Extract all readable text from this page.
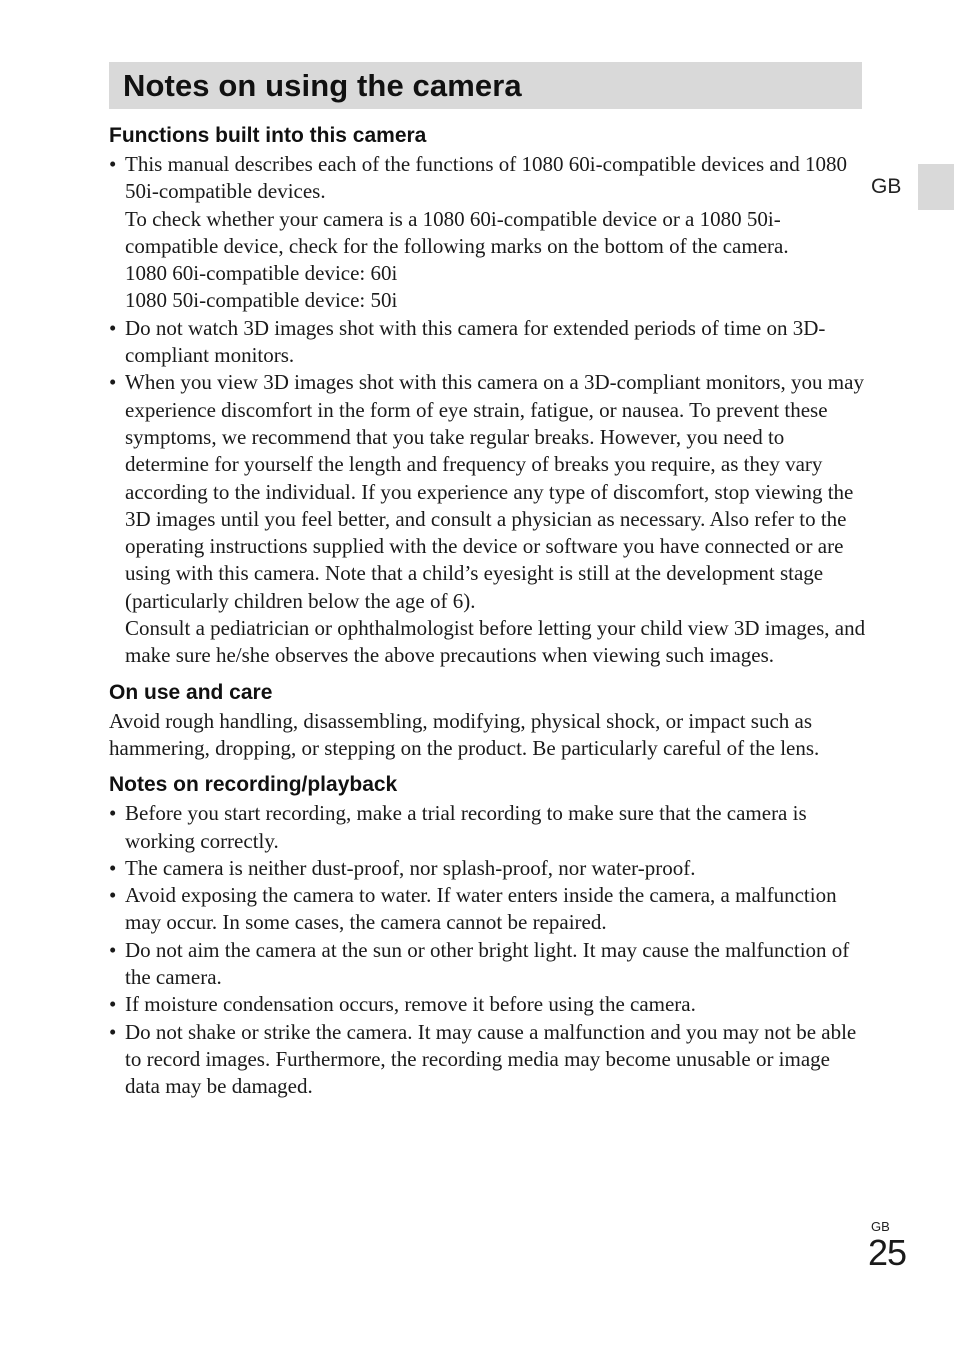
Notes on using the camera
GB
Functions built into this camera
• This manual describes each of the functions of 1080 60i-compatible devices and 1080 50i-compatible devices.
To check whether your camera is a 1080 60i-compatible device or a 1080 50i-compatible device, check for the following marks on the bottom of the camera.
1080 60i-compatible device: 60i
1080 50i-compatible device: 50i
• Do not watch 3D images shot with this camera for extended periods of time on 3D-compliant monitors.
• When you view 3D images shot with this camera on a 3D-compliant monitors, you may experience discomfort in the form of eye strain, fatigue, or nausea. To prevent these symptoms, we recommend that you take regular breaks. However, you need to determine for yourself the length and frequency of breaks you require, as they vary according to the individual. If you experience any type of discomfort, stop viewing the 3D images until you feel better, and consult a physician as necessary. Also refer to the operating instructions supplied with the device or software you have connected or are using with this camera. Note that a child’s eyesight is still at the development stage (particularly children below the age of 6).
Consult a pediatrician or ophthalmologist before letting your child view 3D images, and make sure he/she observes the above precautions when viewing such images.
On use and care

Avoid rough handling, disassembling, modifying, physical shock, or impact such as hammering, dropping, or stepping on the product. Be particularly careful of the lens.

Notes on recording/playback
• Before you start recording, make a trial recording to make sure that the camera is working correctly.
• The camera is neither dust-proof, nor splash-proof, nor water-proof.
• Avoid exposing the camera to water. If water enters inside the camera, a malfunction may occur. In some cases, the camera cannot be repaired.
• Do not aim the camera at the sun or other bright light. It may cause the malfunction of the camera.
• If moisture condensation occurs, remove it before using the camera.
• Do not shake or strike the camera. It may cause a malfunction and you may not be able to record images. Furthermore, the recording media may become unusable or image data may be damaged.
GB
25
